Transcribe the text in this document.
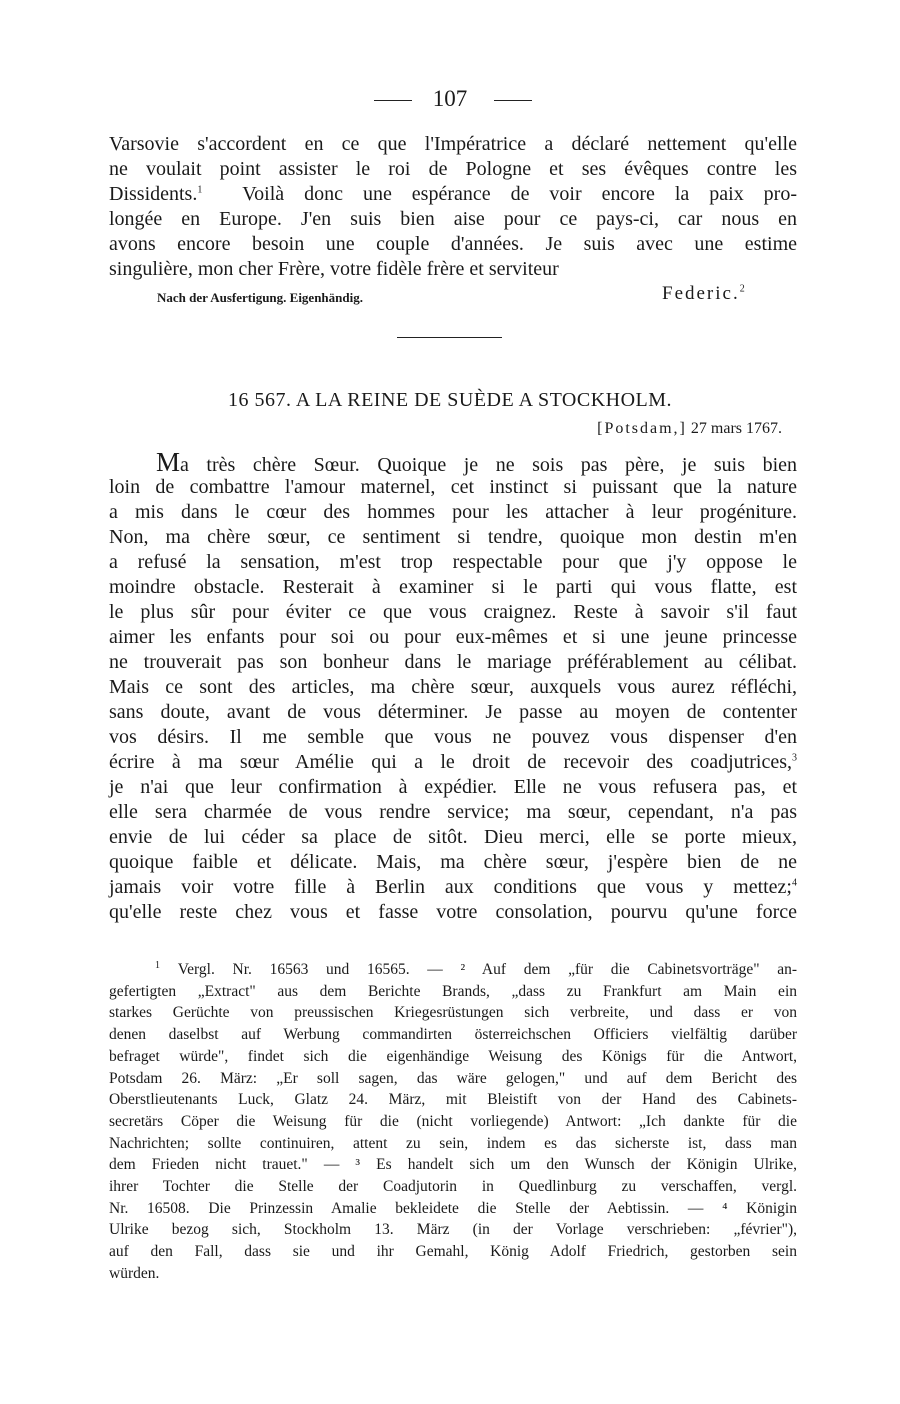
107
Varsovie s'accordent en ce que l'Impératrice a déclaré nettement qu'elle
ne voulait point assister le roi de Pologne et ses évêques contre les
Dissidents.$^1$ Voilà donc une espérance de voir encore la paix pro-
longée en Europe. J'en suis bien aise pour ce pays-ci, car nous en
avons encore besoin une couple d'années. Je suis avec une estime
singulière, mon cher Frère, votre fidèle frère et serviteur
Nach der Ausfertigung. Eigenhändig.	Federic.$^2$
16 567. A LA REINE DE SUÈDE A STOCKHOLM.
[Potsdam,] 27 mars 1767.
Ma très chère Sœur. Quoique je ne sois pas père, je suis bien
loin de combattre l'amour maternel, cet instinct si puissant que la nature
a mis dans le cœur des hommes pour les attacher à leur progéniture.
Non, ma chère sœur, ce sentiment si tendre, quoique mon destin m'en
a refusé la sensation, m'est trop respectable pour que j'y oppose le
moindre obstacle. Resterait à examiner si le parti qui vous flatte, est
le plus sûr pour éviter ce que vous craignez. Reste à savoir s'il faut
aimer les enfants pour soi ou pour eux-mêmes et si une jeune princesse
ne trouverait pas son bonheur dans le mariage préférablement au célibat.
Mais ce sont des articles, ma chère sœur, auxquels vous aurez réfléchi,
sans doute, avant de vous déterminer. Je passe au moyen de contenter
vos désirs. Il me semble que vous ne pouvez vous dispenser d'en
écrire à ma sœur Amélie qui a le droit de recevoir des coadjutrices,$^3$
je n'ai que leur confirmation à expédier. Elle ne vous refusera pas, et
elle sera charmée de vous rendre service; ma sœur, cependant, n'a pas
envie de lui céder sa place de sitôt. Dieu merci, elle se porte mieux,
quoique faible et délicate. Mais, ma chère sœur, j'espère bien de ne
jamais voir votre fille à Berlin aux conditions que vous y mettez;$^4$
qu'elle reste chez vous et fasse votre consolation, pourvu qu'une force
$^1$ Vergl. Nr. 16563 und 16565. — ² Auf dem „für die Cabinetsvorträge" an-
gefertigten „Extract" aus dem Berichte Brands, „dass zu Frankfurt am Main ein
starkes Gerüchte von preussischen Kriegesrüstungen sich verbreite, und dass er von
denen daselbst auf Werbung commandirten österreichschen Officiers vielfältig darüber
befraget würde", findet sich die eigenhändige Weisung des Königs für die Antwort,
Potsdam 26. März: „Er soll sagen, das wäre gelogen," und auf dem Bericht des
Oberstlieutenants Luck, Glatz 24. März, mit Bleistift von der Hand des Cabinets-
secretärs Cöper die Weisung für die (nicht vorliegende) Antwort: „Ich dankte für die
Nachrichten; sollte continuiren, attent zu sein, indem es das sicherste ist, dass man
dem Frieden nicht trauet." — ³ Es handelt sich um den Wunsch der Königin Ulrike,
ihrer Tochter die Stelle der Coadjutorin in Quedlinburg zu verschaffen, vergl.
Nr. 16508. Die Prinzessin Amalie bekleidete die Stelle der Aebtissin. — ⁴ Königin
Ulrike bezog sich, Stockholm 13. März (in der Vorlage verschrieben: „février"),
auf den Fall, dass sie und ihr Gemahl, König Adolf Friedrich, gestorben sein
würden.
